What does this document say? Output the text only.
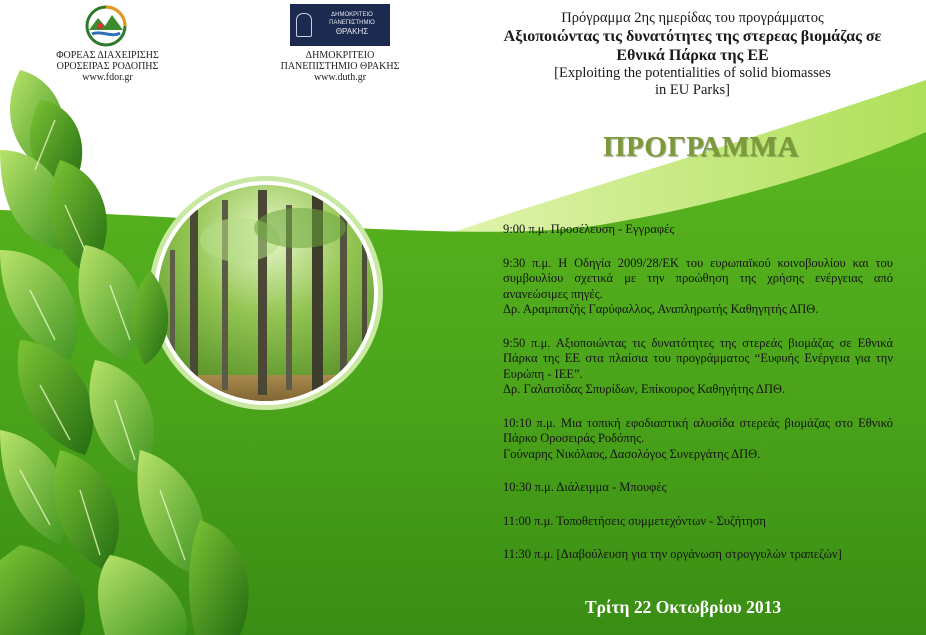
ΦΟΡΕΑΣ ΔΙΑΧΕΙΡΙΣΗΣ
ΟΡΟΣΕΙΡΑΣ ΡΟΔΟΠΗΣ
www.fdor.gr
ΔΗΜΟΚΡΙΤΕΙΟ
ΠΑΝΕΠΙΣΤΗΜΙΟ
ΘΡΑΚΗΣ
ΔΗΜΟΚΡΙΤΕΙΟ
ΠΑΝΕΠΙΣΤΗΜΙΟ ΘΡΑΚΗΣ
www.duth.gr
Πρόγραμμα 2ης ημερίδας του προγράμματος
Αξιοποιώντας τις δυνατότητες της στερεας βιομάζας σε
Εθνικά Πάρκα της ΕΕ
[Exploiting the potentialities of solid biomasses
in EU Parks]
ΠΡΟΓΡΑΜΜΑ
9:00 π.μ. Προσέλευση - Εγγραφές
9:30 π.μ. Η Οδηγία 2009/28/ΕΚ του ευρωπαϊκού κοινοβουλίου και του συμβουλίου σχετικά με την προώθηση της χρήσης ενέργειας από ανανεώσιμες πηγές.
Δρ. Αραμπατζής Γαρύφαλλος, Αναπληρωτής Καθηγητής ΔΠΘ.
9:50 π.μ. Αξιοποιώντας τις δυνατότητες της στερεάς βιομάζας σε Εθνικά Πάρκα της ΕΕ στα πλαίσια του προγράμματος “Ευφυής Ενέργεια για την Ευρώπη - ΙΕΕ”.
Δρ. Γαλατσίδας Σπυρίδων, Επίκουρος Καθηγήτης ΔΠΘ.
10:10 π.μ. Μια τοπική εφοδιαστική αλυσίδα στερεάς βιομάζας στο Εθνικό Πάρκο Οροσειράς Ροδόπης.
Γούναρης Νικόλαος, Δασολόγος Συνεργάτης ΔΠΘ.
10:30 π.μ. Διάλειμμα - Μπουφές
11:00 π.μ. Τοποθετήσεις συμμετεχόντων - Συζήτηση
11:30 π.μ. [Διαβούλευση για την οργάνωση στρογγυλών τραπεζών]
Τρίτη 22 Οκτωβρίου 2013
